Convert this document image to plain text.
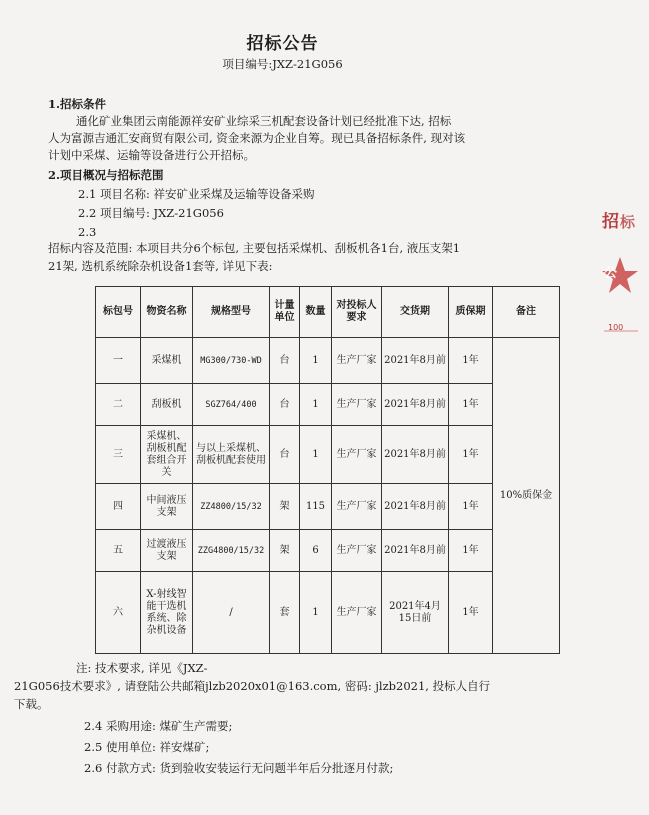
招标公告
项目编号:JXZ-21G056
1.招标条件
通化矿业集团云南能源祥安矿业综采三机配套设备计划已经批准下达, 招标
人为富源吉通汇安商贸有限公司, 资金来源为企业自筹。现已具备招标条件, 现对该
计划中采煤、运输等设备进行公开招标。
2.项目概况与招标范围
2.1 项目名称: 祥安矿业采煤及运输等设备采购
2.2 项目编号: JXZ-21G056
2.3
招标内容及范围: 本项目共分6个标包, 主要包括采煤机、刮板机各1台, 液压支架1
21架, 选机系统除杂机设备1套等, 详见下表:
标包号	物资名称	规格型号	计量单位	数量	对投标人要求	交货期	质保期	备注
一	采煤机	MG300/730-WD	台	1	生产厂家	2021年8月前	1年	10%质保金
二	刮板机	SGZ764/400	台	1	生产厂家	2021年8月前	1年	
三	采煤机、刮板机配套组合开关	与以上采煤机、刮板机配套使用	台	1	生产厂家	2021年8月前	1年	
四	中间液压支架	ZZ4800/15/32	架	115	生产厂家	2021年8月前	1年	
五	过渡液压支架	ZZG4800/15/32	架	6	生产厂家	2021年8月前	1年	
六	X-射线智能干选机系统、除杂机设备	/	套	1	生产厂家	2021年4月15日前	1年	
注: 技术要求, 详见《JXZ-
21G056技术要求》, 请登陆公共邮箱jlzb2020x01@163.com, 密码: jlzb2021, 投标人自行
下载。
2.4 采购用途: 煤矿生产需要;
2.5 使用单位: 祥安煤矿;
2.6 付款方式: 货到验收安装运行无问题半年后分批逐月付款;
招 标
公
100
